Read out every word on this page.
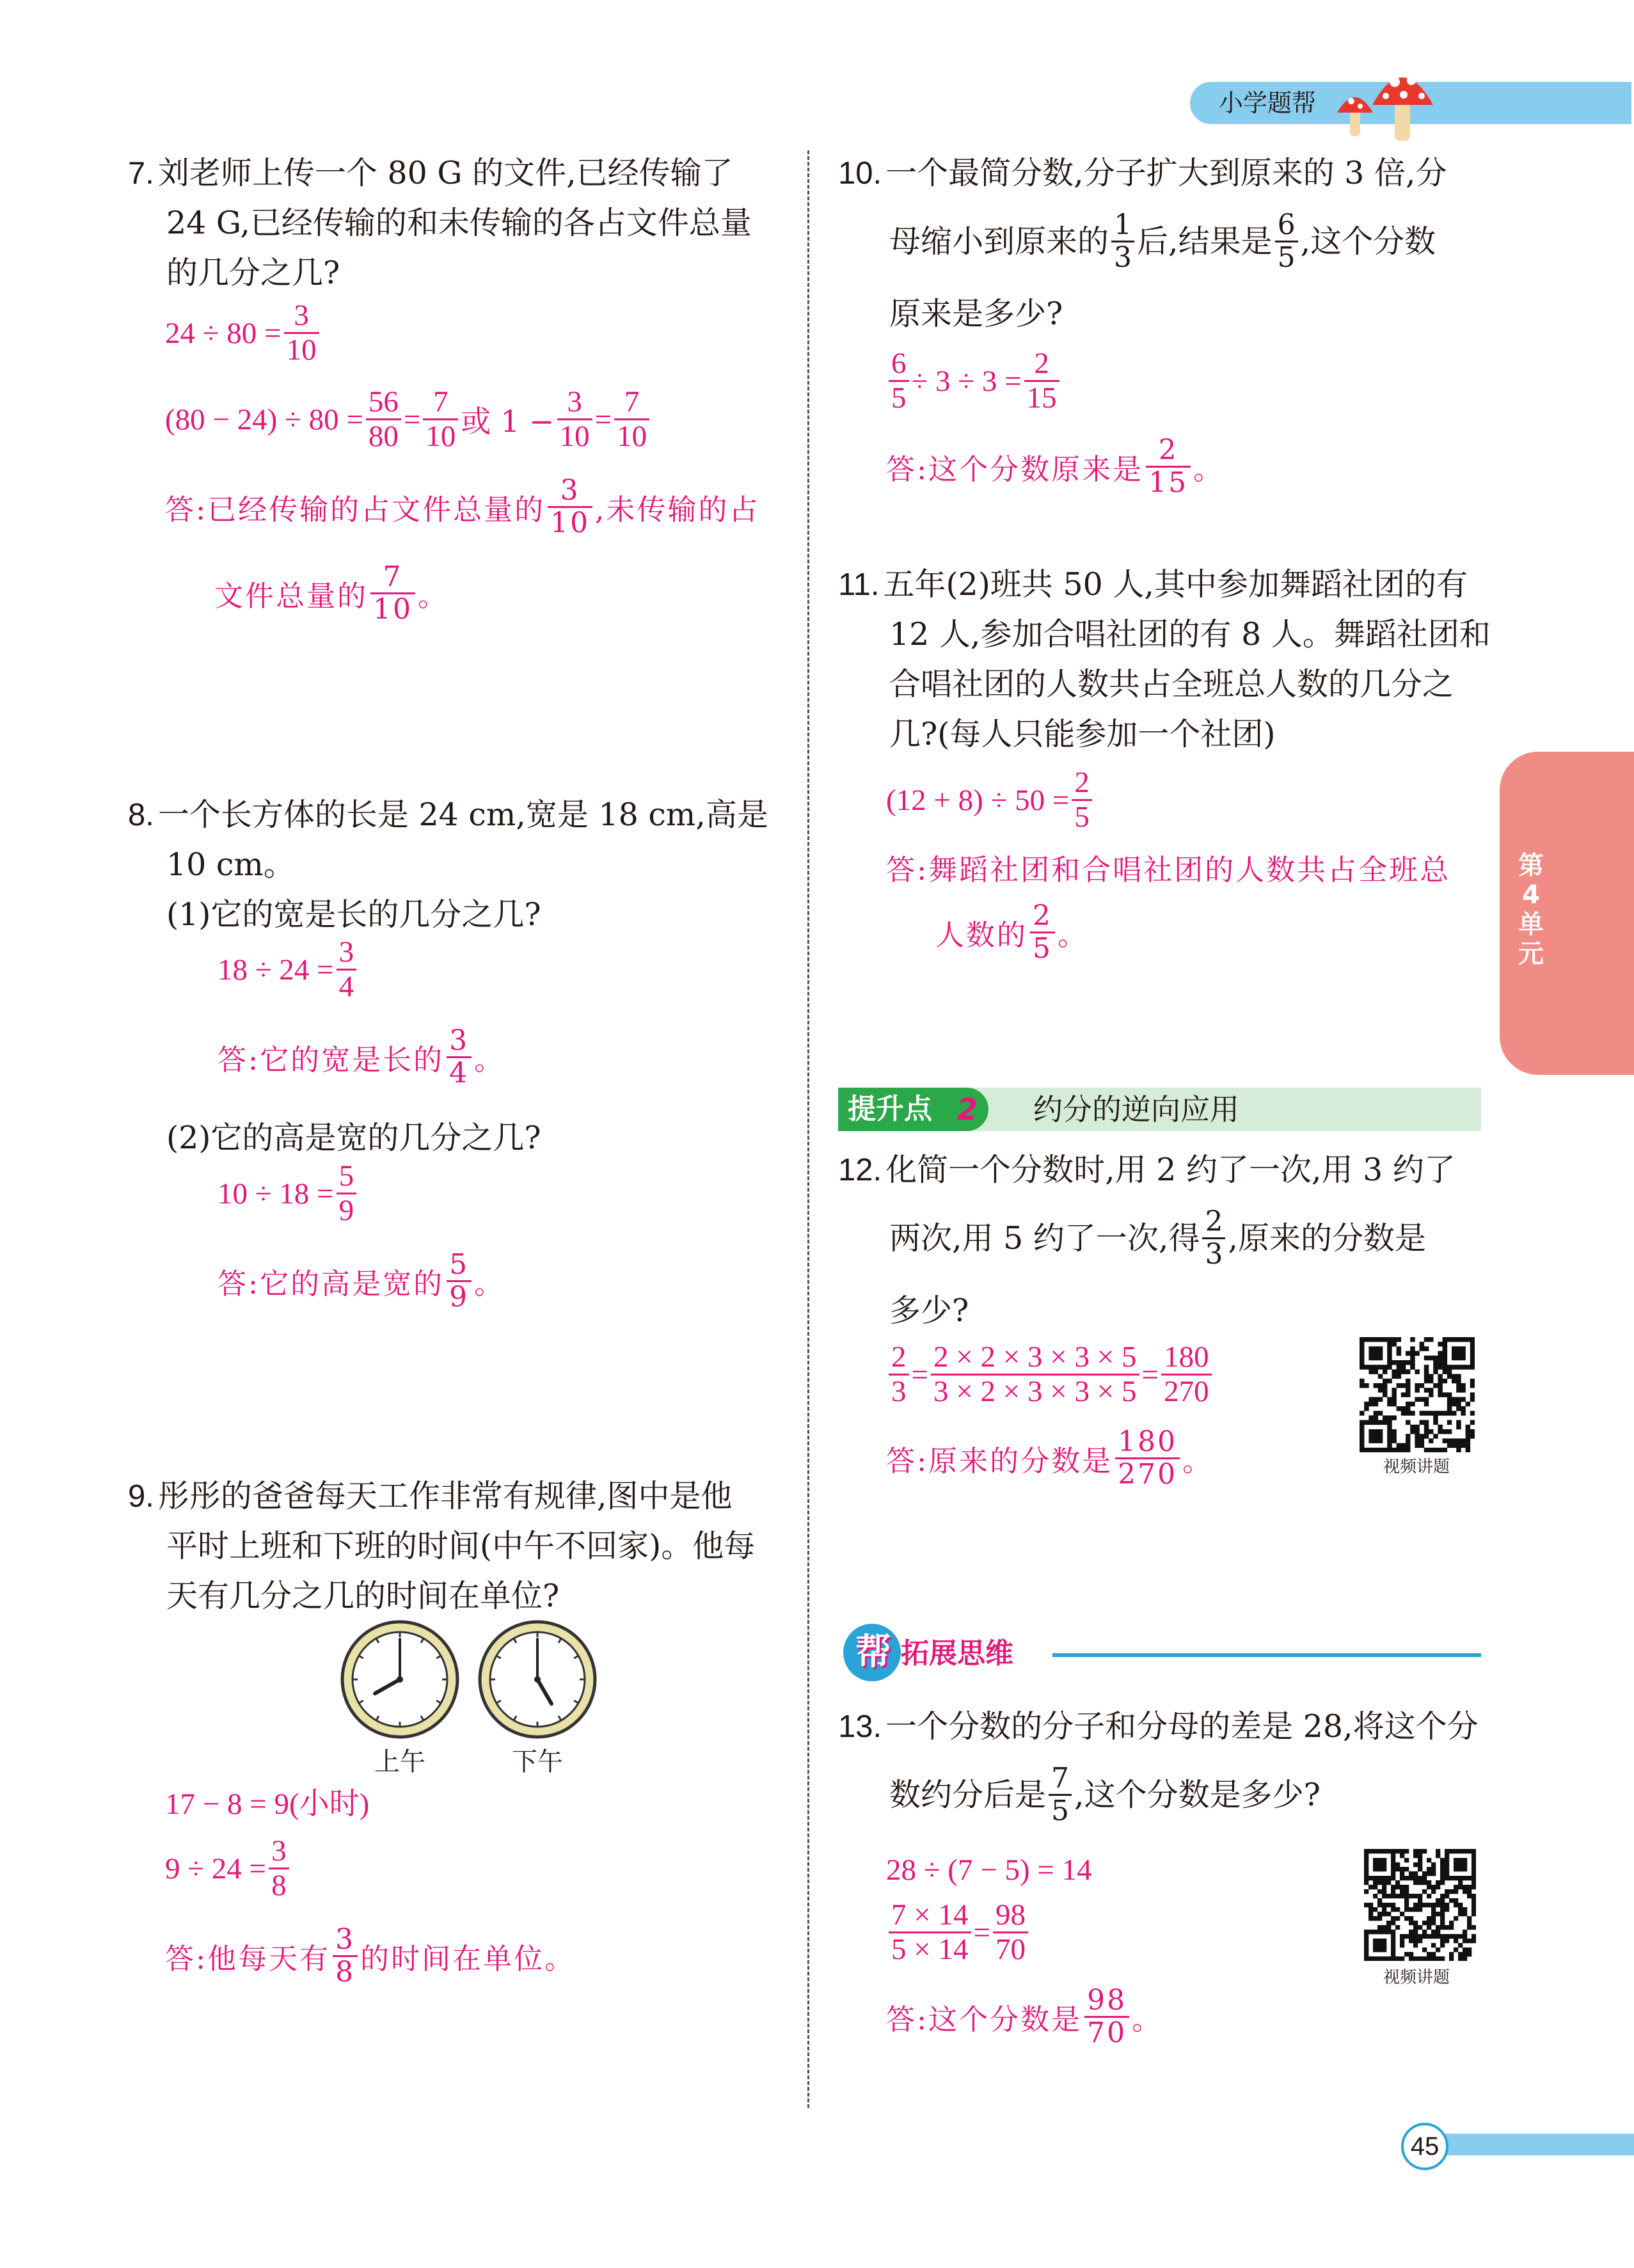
小学题帮
第
4
单元
7. 刘老师上传一个 80 G 的文件,已经传输了
24 G,已经传输的和未传输的各占文件总量
的几分之几?
$24 \div 80 = \frac{3}{10}$
$(80 - 24) \div 80 = \frac{56}{80} = \frac{7}{10}$ 或 $1 - \frac{3}{10} = \frac{7}{10}$
答:已经传输的占文件总量的 $\frac{3}{10}$ ,未传输的占
文件总量的 $\frac{7}{10}$ 。
8. 一个长方体的长是 24 cm,宽是 18 cm,高是
10 cm。
(1)它的宽是长的几分之几?
$18 \div 24 = \frac{3}{4}$
答:它的宽是长的 $\frac{3}{4}$ 。
(2)它的高是宽的几分之几?
$10 \div 18 = \frac{5}{9}$
答:它的高是宽的 $\frac{5}{9}$ 。
9. 彤彤的爸爸每天工作非常有规律,图中是他
平时上班和下班的时间(中午不回家)。他每
天有几分之几的时间在单位?
上午	下午
17 − 8 = 9(小时)
$9 \div 24 = \frac{3}{8}$
答:他每天有 $\frac{3}{8}$ 的时间在单位。
10. 一个最简分数,分子扩大到原来的 3 倍,分
母缩小到原来的 $\frac{1}{3}$ 后,结果是 $\frac{6}{5}$ ,这个分数
原来是多少?
$\frac{6}{5} \div 3 \div 3 = \frac{2}{15}$
答:这个分数原来是 $\frac{2}{15}$ 。
11. 五年(2)班共 50 人,其中参加舞蹈社团的有
12 人,参加合唱社团的有 8 人。舞蹈社团和
合唱社团的人数共占全班总人数的几分之
几?(每人只能参加一个社团)
$(12 + 8) \div 50 = \frac{2}{5}$
答:舞蹈社团和合唱社团的人数共占全班总
人数的 $\frac{2}{5}$ 。
提升点 2 约分的逆向应用
12. 化简一个分数时,用 2 约了一次,用 3 约了
两次,用 5 约了一次,得 $\frac{2}{3}$ ,原来的分数是
多少?
$\frac{2}{3} = \frac{2 \times 2 \times 3 \times 3 \times 5}{3 \times 2 \times 3 \times 3 \times 5} = \frac{180}{270}$
答:原来的分数是 $\frac{180}{270}$ 。	视频讲题
帮 拓展思维
13. 一个分数的分子和分母的差是 28,将这个分
数约分后是 $\frac{7}{5}$ ,这个分数是多少?
28 ÷ (7 − 5) = 14
$\frac{7 \times 14}{5 \times 14} = \frac{98}{70}$
答:这个分数是 $\frac{98}{70}$ 。
视频讲题
45
